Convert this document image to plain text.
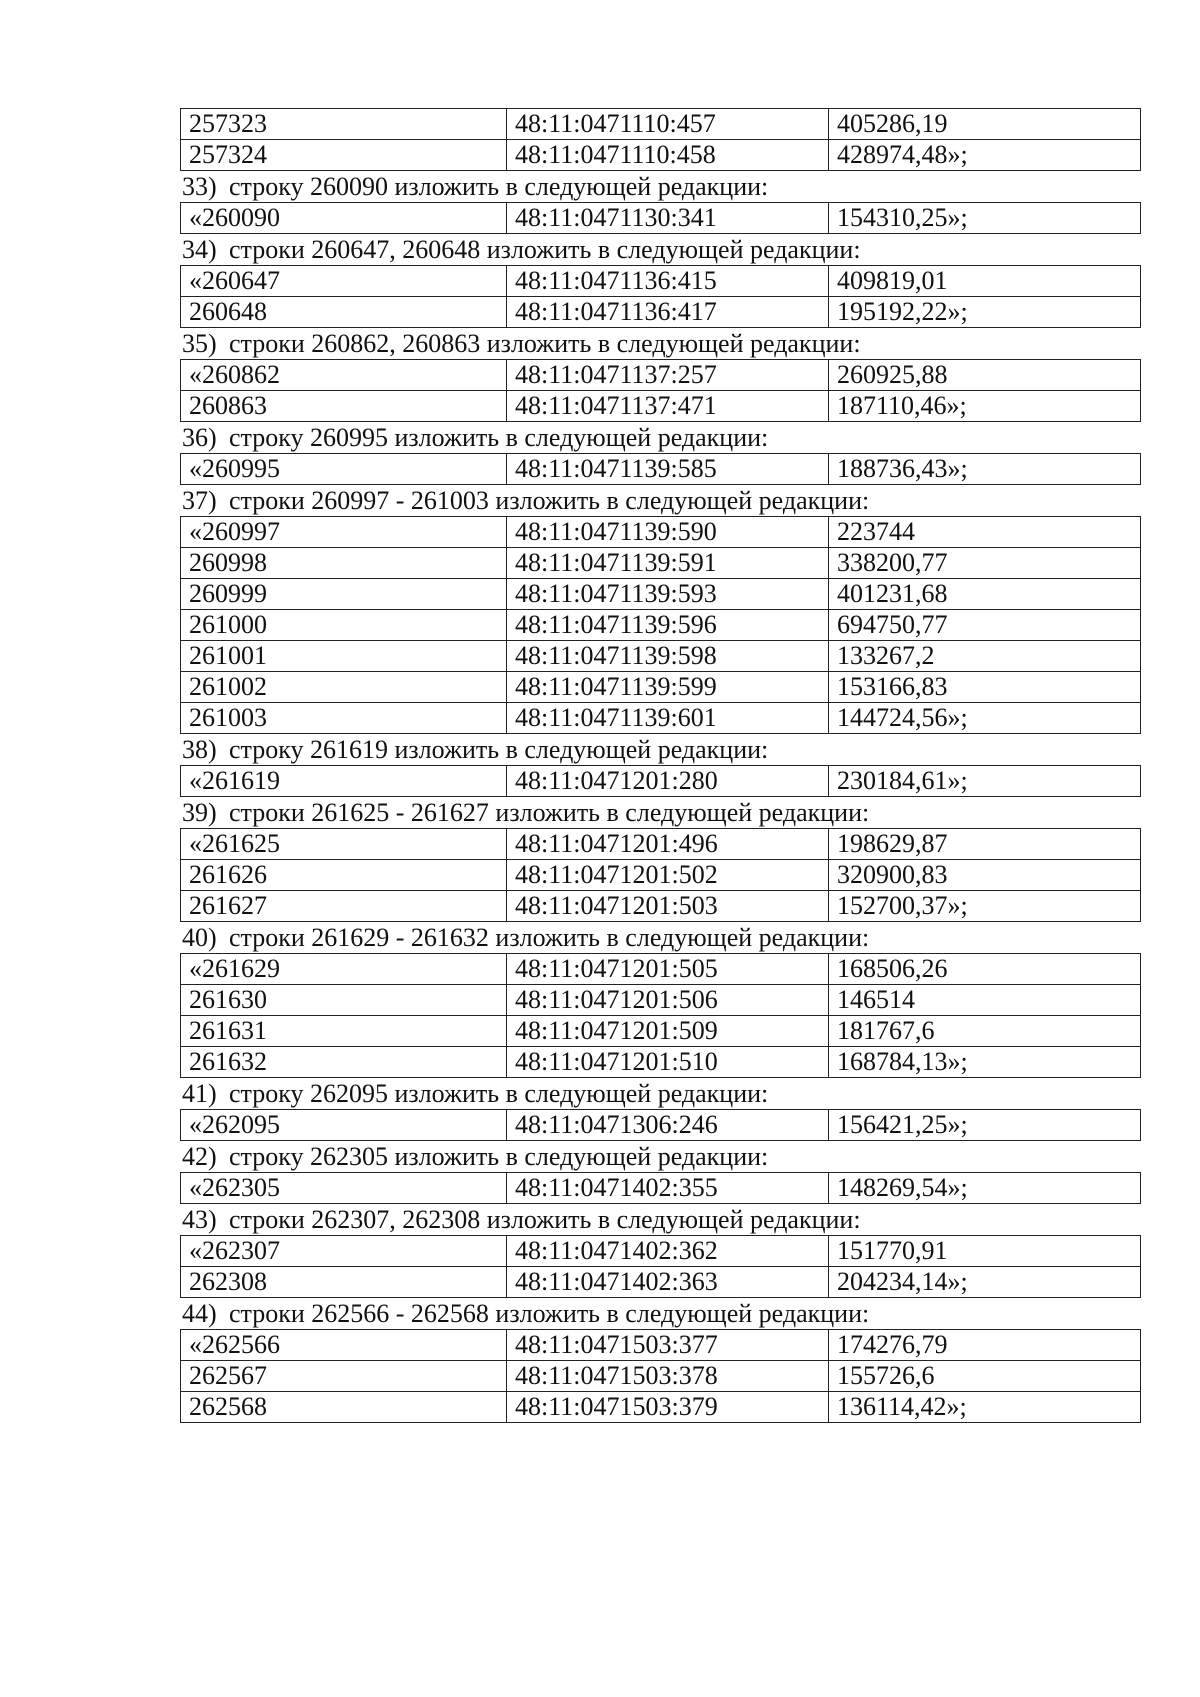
257323	48:11:0471110:457	405286,19
257324	48:11:0471110:458	428974,48»;
33) строку 260090 изложить в следующей редакции:
«260090	48:11:0471130:341	154310,25»;
34) строки 260647, 260648 изложить в следующей редакции:
«260647	48:11:0471136:415	409819,01
260648	48:11:0471136:417	195192,22»;
35) строки 260862, 260863 изложить в следующей редакции:
«260862	48:11:0471137:257	260925,88
260863	48:11:0471137:471	187110,46»;
36) строку 260995 изложить в следующей редакции:
«260995	48:11:0471139:585	188736,43»;
37) строки 260997 - 261003 изложить в следующей редакции:
«260997	48:11:0471139:590	223744
260998	48:11:0471139:591	338200,77
260999	48:11:0471139:593	401231,68
261000	48:11:0471139:596	694750,77
261001	48:11:0471139:598	133267,2
261002	48:11:0471139:599	153166,83
261003	48:11:0471139:601	144724,56»;
38) строку 261619 изложить в следующей редакции:
«261619	48:11:0471201:280	230184,61»;
39) строки 261625 - 261627 изложить в следующей редакции:
«261625	48:11:0471201:496	198629,87
261626	48:11:0471201:502	320900,83
261627	48:11:0471201:503	152700,37»;
40) строки 261629 - 261632 изложить в следующей редакции:
«261629	48:11:0471201:505	168506,26
261630	48:11:0471201:506	146514
261631	48:11:0471201:509	181767,6
261632	48:11:0471201:510	168784,13»;
41) строку 262095 изложить в следующей редакции:
«262095	48:11:0471306:246	156421,25»;
42) строку 262305 изложить в следующей редакции:
«262305	48:11:0471402:355	148269,54»;
43) строки 262307, 262308 изложить в следующей редакции:
«262307	48:11:0471402:362	151770,91
262308	48:11:0471402:363	204234,14»;
44) строки 262566 - 262568 изложить в следующей редакции:
«262566	48:11:0471503:377	174276,79
262567	48:11:0471503:378	155726,6
262568	48:11:0471503:379	136114,42»;
